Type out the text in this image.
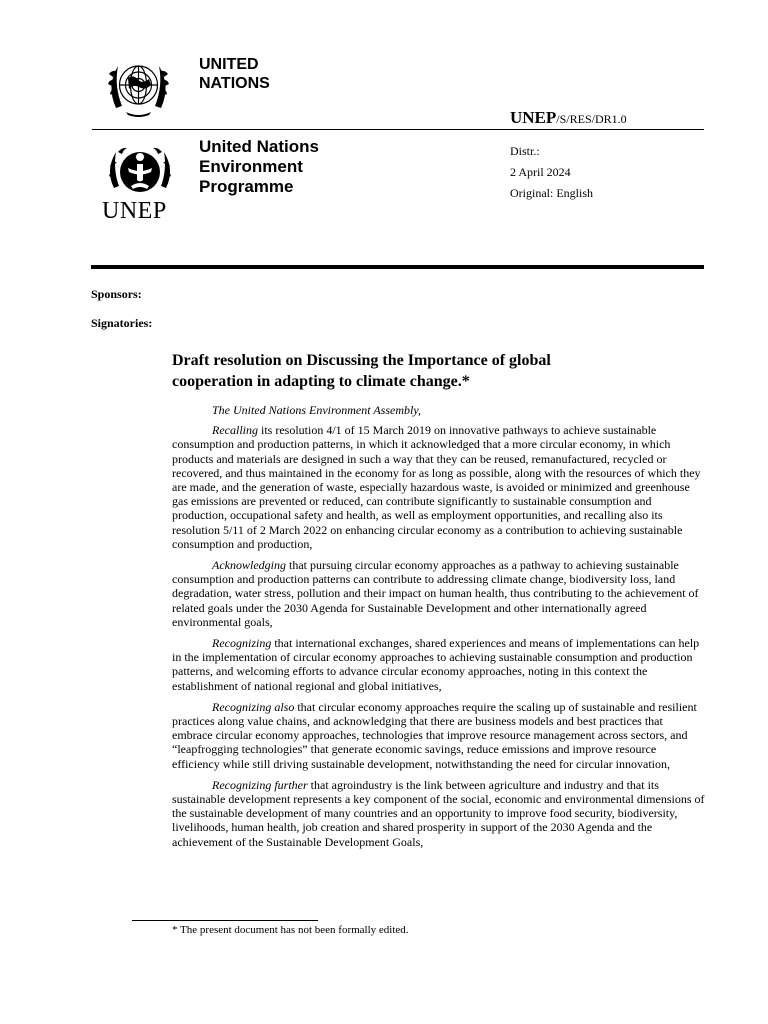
UNITED
NATIONS
UNEP/S/RES/DR1.0
UNEP
United Nations
Environment
Programme
Distr.:
2 April 2024
Original: English
Sponsors:
Signatories:
Draft resolution on Discussing the Importance of global
cooperation in adapting to climate change.*

The United Nations Environment Assembly,

Recalling its resolution 4/1 of 15 March 2019 on innovative pathways to achieve sustainable consumption and production patterns, in which it acknowledged that a more circular economy, in which products and materials are designed in such a way that they can be reused, remanufactured, recycled or recovered, and thus maintained in the economy for as long as possible, along with the resources of which they are made, and the generation of waste, especially hazardous waste, is avoided or minimized and greenhouse gas emissions are prevented or reduced, can contribute significantly to sustainable consumption and production, occupational safety and health, as well as employment opportunities, and recalling also its resolution 5/11 of 2 March 2022 on enhancing circular economy as a contribution to achieving sustainable consumption and production,

Acknowledging that pursuing circular economy approaches as a pathway to achieving sustainable consumption and production patterns can contribute to addressing climate change, biodiversity loss, land degradation, water stress, pollution and their impact on human health, thus contributing to the achievement of related goals under the 2030 Agenda for Sustainable Development and other internationally agreed environmental goals,

Recognizing that international exchanges, shared experiences and means of implementations can help in the implementation of circular economy approaches to achieving sustainable consumption and production patterns, and welcoming efforts to advance circular economy approaches, noting in this context the establishment of national regional and global initiatives,

Recognizing also that circular economy approaches require the scaling up of sustainable and resilient practices along value chains, and acknowledging that there are business models and best practices that embrace circular economy approaches, technologies that improve resource management across sectors, and “leapfrogging technologies” that generate economic savings, reduce emissions and improve resource efficiency while still driving sustainable development, notwithstanding the need for circular innovation,

Recognizing further that agroindustry is the link between agriculture and industry and that its sustainable development represents a key component of the social, economic and environmental dimensions of the sustainable development of many countries and an opportunity to improve food security, biodiversity, livelihoods, human health, job creation and shared prosperity in support of the 2030 Agenda and the achievement of the Sustainable Development Goals,

* The present document has not been formally edited.
